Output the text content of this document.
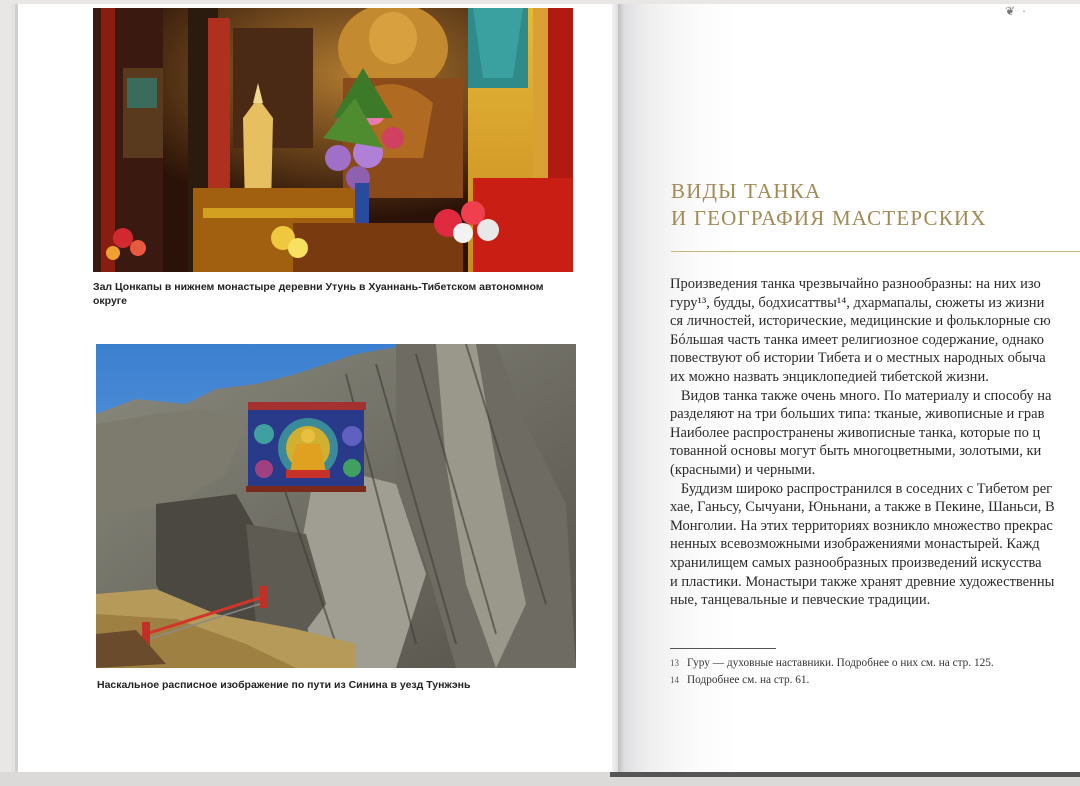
❦ ·
Зал Цонкапы в нижнем монастыре деревни Утунь в Хуаннань-Тибетском автономном округе
Наскальное расписное изображение по пути из Синина в уезд Тунжэнь
ВИДЫ ТАНКА
И ГЕОГРАФИЯ МАСТЕРСКИХ
Произведения танка чрезвычайно разнообразны: на них изо
гуру¹³, будды, бодхисаттвы¹⁴, дхармапалы, сюжеты из жизни
ся личностей, исторические, медицинские и фольклорные сю
Бóльшая часть танка имеет религиозное содержание, однако
повествуют об истории Тибета и о местных народных обыча
их можно назвать энциклопедией тибетской жизни.
Видов танка также очень много. По материалу и способу на
разделяют на три больших типа: тканые, живописные и грав
Наиболее распространены живописные танка, которые по ц
тованной основы могут быть многоцветными, золотыми, ки
(красными) и черными.
Буддизм широко распространился в соседних с Тибетом рег
хае, Ганьсу, Сычуани, Юньнани, а также в Пекине, Шаньси, В
Монголии. На этих территориях возникло множество прекрас
ненных всевозможными изображениями монастырей. Кажд
хранилищем самых разнообразных произведений искусства
и пластики. Монастыри также хранят древние художественны
ные, танцевальные и певческие традиции.
13 Гуру — духовные наставники. Подробнее о них см. на стр. 125.
14 Подробнее см. на стр. 61.
